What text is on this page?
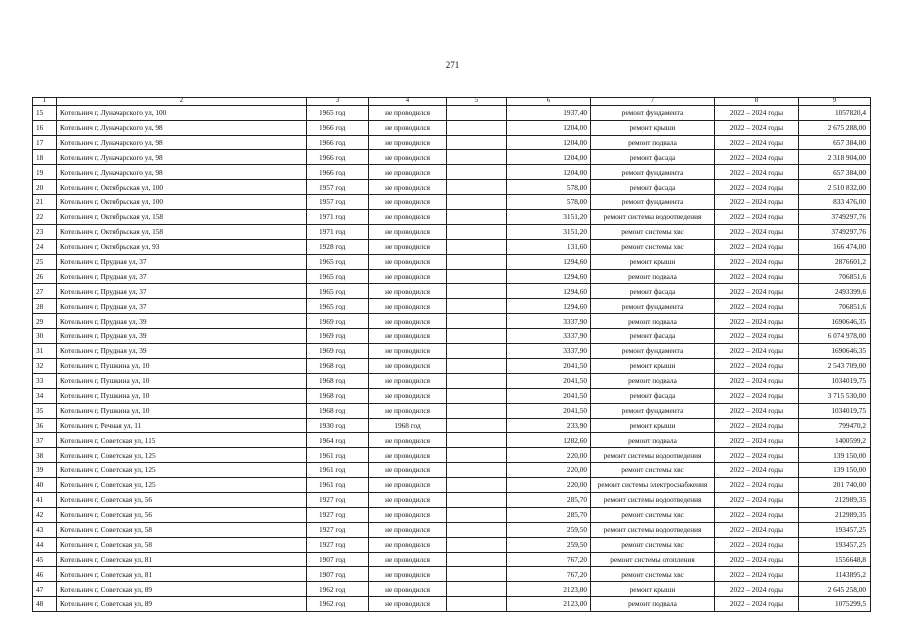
271
1	2	3	4	5	6	7	8	9
15	Котельнич г, Луначарского ул, 100	1965 год	не проводился		1937,40	ремонт фундамента	2022 – 2024 годы	1057820,4
16	Котельнич г, Луначарского ул, 98	1966 год	не проводился		1204,00	ремонт крыши	2022 – 2024 годы	2 675 288,00
17	Котельнич г, Луначарского ул, 98	1966 год	не проводился		1204,00	ремонт подвала	2022 – 2024 годы	657 384,00
18	Котельнич г, Луначарского ул, 98	1966 год	не проводился		1204,00	ремонт фасада	2022 – 2024 годы	2 318 904,00
19	Котельнич г, Луначарского ул, 98	1966 год	не проводился		1204,00	ремонт фундамента	2022 – 2024 годы	657 384,00
20	Котельнич г, Октябрьская ул, 100	1957 год	не проводился		578,00	ремонт фасада	2022 – 2024 годы	2 510 832,00
21	Котельнич г, Октябрьская ул, 100	1957 год	не проводился		578,00	ремонт фундамента	2022 – 2024 годы	833 476,00
22	Котельнич г, Октябрьская ул, 158	1971 год	не проводился		3151,20	ремонт системы водоотведения	2022 – 2024 годы	3749297,76
23	Котельнич г, Октябрьская ул, 158	1971 год	не проводился		3151,20	ремонт системы хвс	2022 – 2024 годы	3749297,76
24	Котельнич г, Октябрьская ул, 93	1928 год	не проводился		131,60	ремонт системы хвс	2022 – 2024 годы	166 474,00
25	Котельнич г, Прудная ул, 37	1965 год	не проводился		1294,60	ремонт крыши	2022 – 2024 годы	2876601,2
26	Котельнич г, Прудная ул, 37	1965 год	не проводился		1294,60	ремонт подвала	2022 – 2024 годы	706851,6
27	Котельнич г, Прудная ул, 37	1965 год	не проводился		1294,60	ремонт фасада	2022 – 2024 годы	2493399,6
28	Котельнич г, Прудная ул, 37	1965 год	не проводился		1294,60	ремонт фундамента	2022 – 2024 годы	706851,6
29	Котельнич г, Прудная ул, 39	1969 год	не проводился		3337,90	ремонт подвала	2022 – 2024 годы	1690646,35
30	Котельнич г, Прудная ул, 39	1969 год	не проводился		3337,90	ремонт фасада	2022 – 2024 годы	6 074 978,00
31	Котельнич г, Прудная ул, 39	1969 год	не проводился		3337,90	ремонт фундамента	2022 – 2024 годы	1690646,35
32	Котельнич г, Пушкина ул, 10	1968 год	не проводился		2041,50	ремонт крыши	2022 – 2024 годы	2 543 709,00
33	Котельнич г, Пушкина ул, 10	1968 год	не проводился		2041,50	ремонт подвала	2022 – 2024 годы	1034019,75
34	Котельнич г, Пушкина ул, 10	1968 год	не проводился		2041,50	ремонт фасада	2022 – 2024 годы	3 715 530,00
35	Котельнич г, Пушкина ул, 10	1968 год	не проводился		2041,50	ремонт фундамента	2022 – 2024 годы	1034019,75
36	Котельнич г, Речная ул, 11	1930 год	1968 год		233,90	ремонт крыши	2022 – 2024 годы	799470,2
37	Котельнич г, Советская ул, 115	1964 год	не проводился		1282,60	ремонт подвала	2022 – 2024 годы	1400599,2
38	Котельнич г, Советская ул, 125	1961 год	не проводился		220,00	ремонт системы водоотведения	2022 – 2024 годы	139 150,00
39	Котельнич г, Советская ул, 125	1961 год	не проводился		220,00	ремонт системы хвс	2022 – 2024 годы	139 150,00
40	Котельнич г, Советская ул, 125	1961 год	не проводился		220,00	ремонт системы электроснабжения	2022 – 2024 годы	201 740,00
41	Котельнич г, Советская ул, 56	1927 год	не проводился		285,70	ремонт системы водоотведения	2022 – 2024 годы	212989,35
42	Котельнич г, Советская ул, 56	1927 год	не проводился		285,70	ремонт системы хвс	2022 – 2024 годы	212989,35
43	Котельнич г, Советская ул, 58	1927 год	не проводился		259,50	ремонт системы водоотведения	2022 – 2024 годы	193457,25
44	Котельнич г, Советская ул, 58	1927 год	не проводился		259,50	ремонт системы хвс	2022 – 2024 годы	193457,25
45	Котельнич г, Советская ул, 81	1907 год	не проводился		767,20	ремонт системы отопления	2022 – 2024 годы	1556648,8
46	Котельнич г, Советская ул, 81	1907 год	не проводился		767,20	ремонт системы хвс	2022 – 2024 годы	1143895,2
47	Котельнич г, Советская ул, 89	1962 год	не проводился		2123,00	ремонт крыши	2022 – 2024 годы	2 645 258,00
48	Котельнич г, Советская ул, 89	1962 год	не проводился		2123,00	ремонт подвала	2022 – 2024 годы	1075299,5
